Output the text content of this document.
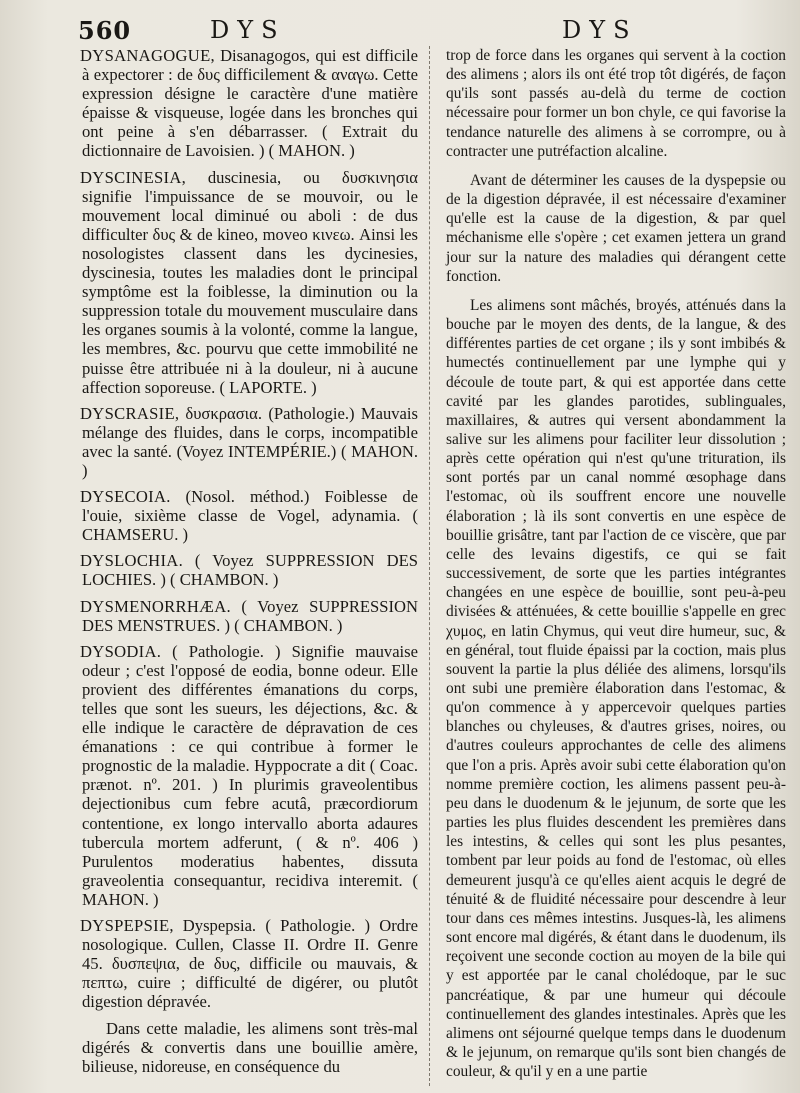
560	DYS	DYS

DYSANAGOGUE, Disanagogos, qui est difficile à expectorer : de δυς difficilement & αναγω. Cette expression désigne le caractère d'une matière épaisse & visqueuse, logée dans les bronches qui ont peine à s'en débarrasser. ( Extrait du dictionnaire de Lavoisien. ) ( MAHON. )

DYSCINESIA, duscinesia, ou δυσκινησια signifie l'impuissance de se mouvoir, ou le mouvement local diminué ou aboli : de dus difficulter δυς & de kineo, moveo κινεω. Ainsi les nosologistes classent dans les dycinesies, dyscinesia, toutes les maladies dont le principal symptôme est la foiblesse, la diminution ou la suppression totale du mouvement musculaire dans les organes soumis à la volonté, comme la langue, les membres, &c. pourvu que cette immobilité ne puisse être attribuée ni à la douleur, ni à aucune affection soporeuse. ( LAPORTE. )

DYSCRASIE, δυσκρασια. (Pathologie.) Mauvais mélange des fluides, dans le corps, incompatible avec la santé. (Voyez INTEMPÉRIE.) ( MAHON. )

DYSECOIA. (Nosol. méthod.) Foiblesse de l'ouie, sixième classe de Vogel, adynamia. ( CHAMSERU. )

DYSLOCHIA. ( Voyez SUPPRESSION DES LOCHIES. ) ( CHAMBON. )

DYSMENORRHÆA. ( Voyez SUPPRESSION DES MENSTRUES. ) ( CHAMBON. )

DYSODIA. ( Pathologie. ) Signifie mauvaise odeur ; c'est l'opposé de eodia, bonne odeur. Elle provient des différentes émanations du corps, telles que sont les sueurs, les déjections, &c. & elle indique le caractère de dépravation de ces émanations : ce qui contribue à former le prognostic de la maladie. Hyppocrate a dit ( Coac. prænot. nº. 201. ) In plurimis graveolentibus dejectionibus cum febre acutâ, præcordiorum contentione, ex longo intervallo aborta adaures tubercula mortem adferunt, ( & nº. 406 ) Purulentos moderatius habentes, dissuta graveolentia consequantur, recidiva interemit. ( MAHON. )

DYSPEPSIE, Dyspepsia. ( Pathologie. ) Ordre nosologique. Cullen, Classe II. Ordre II. Genre 45. δυσπεψια, de δυς, difficile ou mauvais, & πεπτω, cuire ; difficulté de digérer, ou plutôt digestion dépravée.

Dans cette maladie, les alimens sont très-mal digérés & convertis dans une bouillie amère, bilieuse, nidoreuse, en conséquence du

trop de force dans les organes qui servent à la coction des alimens ; alors ils ont été trop tôt digérés, de façon qu'ils sont passés au-delà du terme de coction nécessaire pour former un bon chyle, ce qui favorise la tendance naturelle des alimens à se corrompre, ou à contracter une putréfaction alcaline.

Avant de déterminer les causes de la dyspepsie ou de la digestion dépravée, il est nécessaire d'examiner qu'elle est la cause de la digestion, & par quel méchanisme elle s'opère ; cet examen jettera un grand jour sur la nature des maladies qui dérangent cette fonction.

Les alimens sont mâchés, broyés, atténués dans la bouche par le moyen des dents, de la langue, & des différentes parties de cet organe ; ils y sont imbibés & humectés continuellement par une lymphe qui y découle de toute part, & qui est apportée dans cette cavité par les glandes parotides, sublinguales, maxillaires, & autres qui versent abondamment la salive sur les alimens pour faciliter leur dissolution ; après cette opération qui n'est qu'une trituration, ils sont portés par un canal nommé œsophage dans l'estomac, où ils souffrent encore une nouvelle élaboration ; là ils sont convertis en une espèce de bouillie grisâtre, tant par l'action de ce viscère, que par celle des levains digestifs, ce qui se fait successivement, de sorte que les parties intégrantes changées en une espèce de bouillie, sont peu-à-peu divisées & atténuées, & cette bouillie s'appelle en grec χυμος, en latin Chymus, qui veut dire humeur, suc, & en général, tout fluide épaissi par la coction, mais plus souvent la partie la plus déliée des alimens, lorsqu'ils ont subi une première élaboration dans l'estomac, & qu'on commence à y appercevoir quelques parties blanches ou chyleuses, & d'autres grises, noires, ou d'autres couleurs approchantes de celle des alimens que l'on a pris. Après avoir subi cette élaboration qu'on nomme première coction, les alimens passent peu-à-peu dans le duodenum & le jejunum, de sorte que les parties les plus fluides descendent les premières dans les intestins, & celles qui sont les plus pesantes, tombent par leur poids au fond de l'estomac, où elles demeurent jusqu'à ce qu'elles aient acquis le degré de ténuité & de fluidité nécessaire pour descendre à leur tour dans ces mêmes intestins. Jusques-là, les alimens sont encore mal digérés, & étant dans le duodenum, ils reçoivent une seconde coction au moyen de la bile qui y est apportée par le canal cholédoque, par le suc pancréatique, & par une humeur qui découle continuellement des glandes intestinales. Après que les alimens ont séjourné quelque temps dans le duodenum & le jejunum, on remarque qu'ils sont bien changés de couleur, & qu'il y en a une partie
